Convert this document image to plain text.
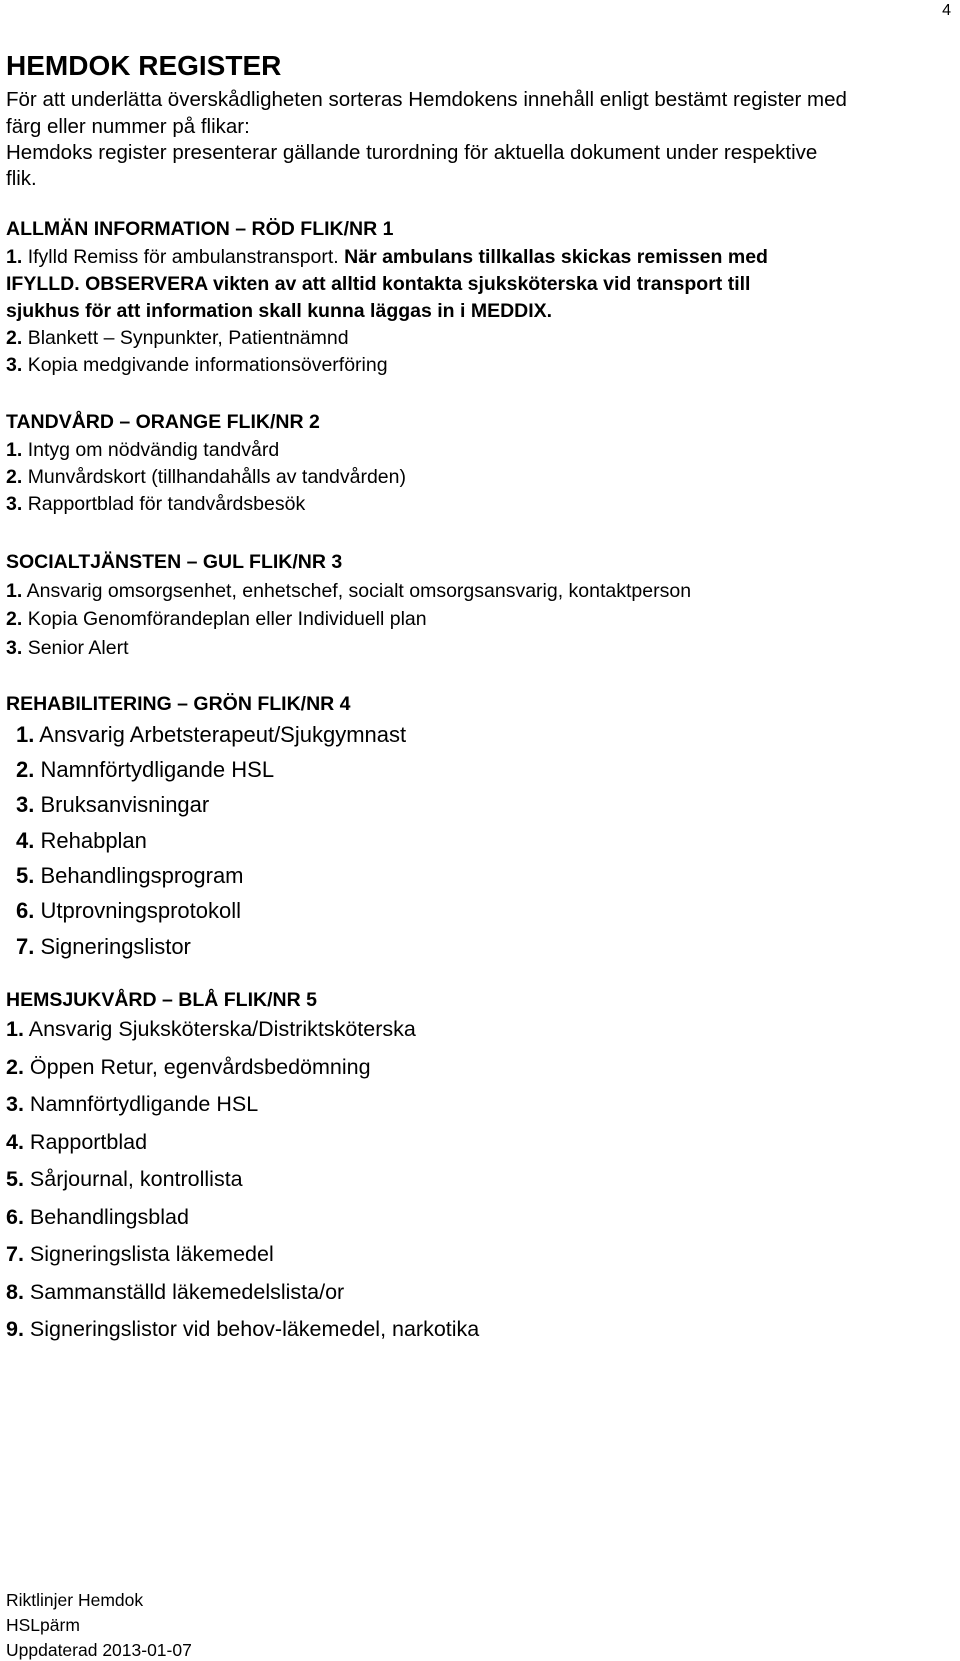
4
HEMDOK REGISTER
För att underlätta överskådligheten sorteras Hemdokens innehåll enligt bestämt register med
färg eller nummer på flikar:
Hemdoks register presenterar gällande turordning för aktuella dokument under respektive
flik.
ALLMÄN INFORMATION – RÖD FLIK/NR 1
1. Ifylld Remiss för ambulanstransport. När ambulans tillkallas skickas remissen med
IFYLLD. OBSERVERA vikten av att alltid kontakta sjuksköterska vid transport till
sjukhus för att information skall kunna läggas in i MEDDIX.
2. Blankett – Synpunkter, Patientnämnd
3. Kopia medgivande informationsöverföring
TANDVÅRD – ORANGE FLIK/NR 2
1. Intyg om nödvändig tandvård
2. Munvårdskort (tillhandahålls av tandvården)
3. Rapportblad för tandvårdsbesök
SOCIALTJÄNSTEN – GUL FLIK/NR 3
1. Ansvarig omsorgsenhet, enhetschef, socialt omsorgsansvarig, kontaktperson
2. Kopia Genomförandeplan eller Individuell plan
3. Senior Alert
REHABILITERING – GRÖN FLIK/NR 4
1. Ansvarig Arbetsterapeut/Sjukgymnast
2. Namnförtydligande HSL
3. Bruksanvisningar
4. Rehabplan
5. Behandlingsprogram
6. Utprovningsprotokoll
7. Signeringslistor
HEMSJUKVÅRD – BLÅ FLIK/NR 5
1. Ansvarig Sjuksköterska/Distriktsköterska
2. Öppen Retur, egenvårdsbedömning
3. Namnförtydligande HSL
4. Rapportblad
5. Sårjournal, kontrollista
6. Behandlingsblad
7. Signeringslista läkemedel
8. Sammanställd läkemedelslista/or
9. Signeringslistor vid behov-läkemedel, narkotika
Riktlinjer Hemdok
HSLpärm
Uppdaterad 2013-01-07
